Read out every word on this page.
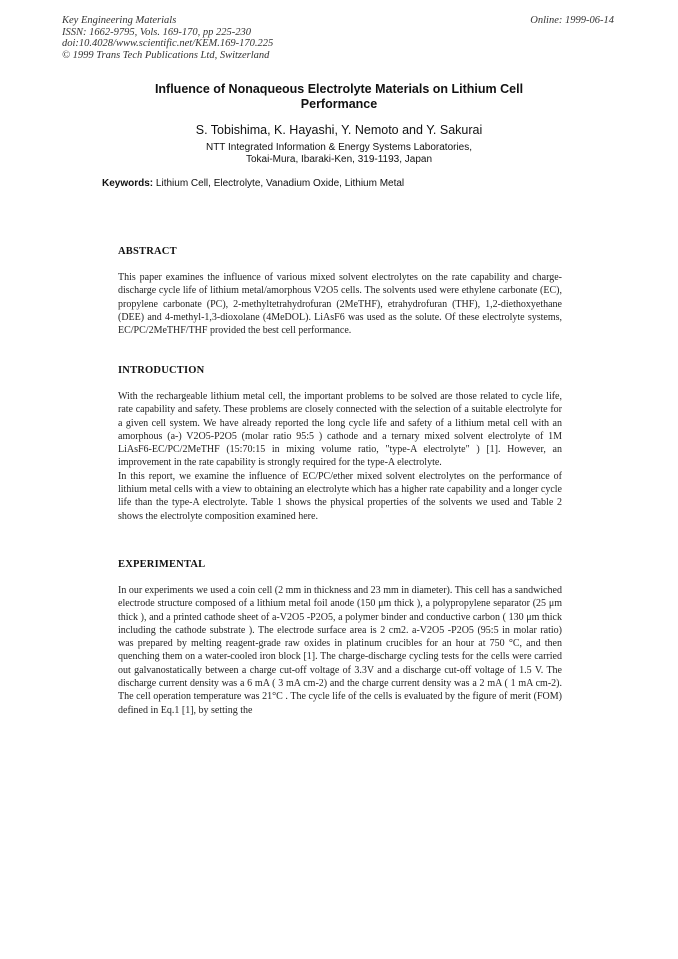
Key Engineering Materials
ISSN: 1662-9795, Vols. 169-170, pp 225-230
doi:10.4028/www.scientific.net/KEM.169-170.225
© 1999 Trans Tech Publications Ltd, Switzerland
Online: 1999-06-14
Influence of Nonaqueous Electrolyte Materials on Lithium Cell
Performance
S. Tobishima, K. Hayashi, Y. Nemoto and Y. Sakurai
NTT Integrated Information & Energy Systems Laboratories,
Tokai-Mura, Ibaraki-Ken, 319-1193, Japan
Keywords: Lithium Cell, Electrolyte, Vanadium Oxide, Lithium Metal
ABSTRACT

This paper examines the influence of various mixed solvent electrolytes on the rate capability and charge-discharge cycle life of lithium metal/amorphous V2O5 cells. The solvents used were ethylene carbonate (EC), propylene carbonate (PC), 2-methyltetrahydrofuran (2MeTHF), etrahydrofuran (THF), 1,2-diethoxyethane (DEE) and 4-methyl-1,3-dioxolane (4MeDOL). LiAsF6 was used as the solute. Of these electrolyte systems, EC/PC/2MeTHF/THF provided the best cell performance.

INTRODUCTION

With the rechargeable lithium metal cell, the important problems to be solved are those related to cycle life, rate capability and safety. These problems are closely connected with the selection of a suitable electrolyte for a given cell system. We have already reported the long cycle life and safety of a lithium metal cell with an amorphous (a-) V2O5-P2O5 (molar ratio 95:5 ) cathode and a ternary mixed solvent electrolyte of 1M LiAsF6-EC/PC/2MeTHF (15:70:15 in mixing volume ratio, "type-A electrolyte" ) [1]. However, an improvement in the rate capability is strongly required for the type-A electrolyte.

In this report, we examine the influence of EC/PC/ether mixed solvent electrolytes on the performance of lithium metal cells with a view to obtaining an electrolyte which has a higher rate capability and a longer cycle life than the type-A electrolyte. Table 1 shows the physical properties of the solvents we used and Table 2 shows the electrolyte composition examined here.

EXPERIMENTAL

In our experiments we used a coin cell (2 mm in thickness and 23 mm in diameter). This cell has a sandwiched electrode structure composed of a lithium metal foil anode (150 μm thick ), a polypropylene separator (25 μm thick ), and a printed cathode sheet of a-V2O5 -P2O5, a polymer binder and conductive carbon ( 130 μm thick including the cathode substrate ). The electrode surface area is 2 cm2. a-V2O5 -P2O5 (95:5 in molar ratio) was prepared by melting reagent-grade raw oxides in platinum crucibles for an hour at 750 °C, and then quenching them on a water-cooled iron block [1]. The charge-discharge cycling tests for the cells were carried out galvanostatically between a charge cut-off voltage of 3.3V and a discharge cut-off voltage of 1.5 V. The discharge current density was a 6 mA ( 3 mA cm-2) and the charge current density was a 2 mA ( 1 mA cm-2). The cell operation temperature was 21°C . The cycle life of the cells is evaluated by the figure of merit (FOM) defined in Eq.1 [1], by setting the
